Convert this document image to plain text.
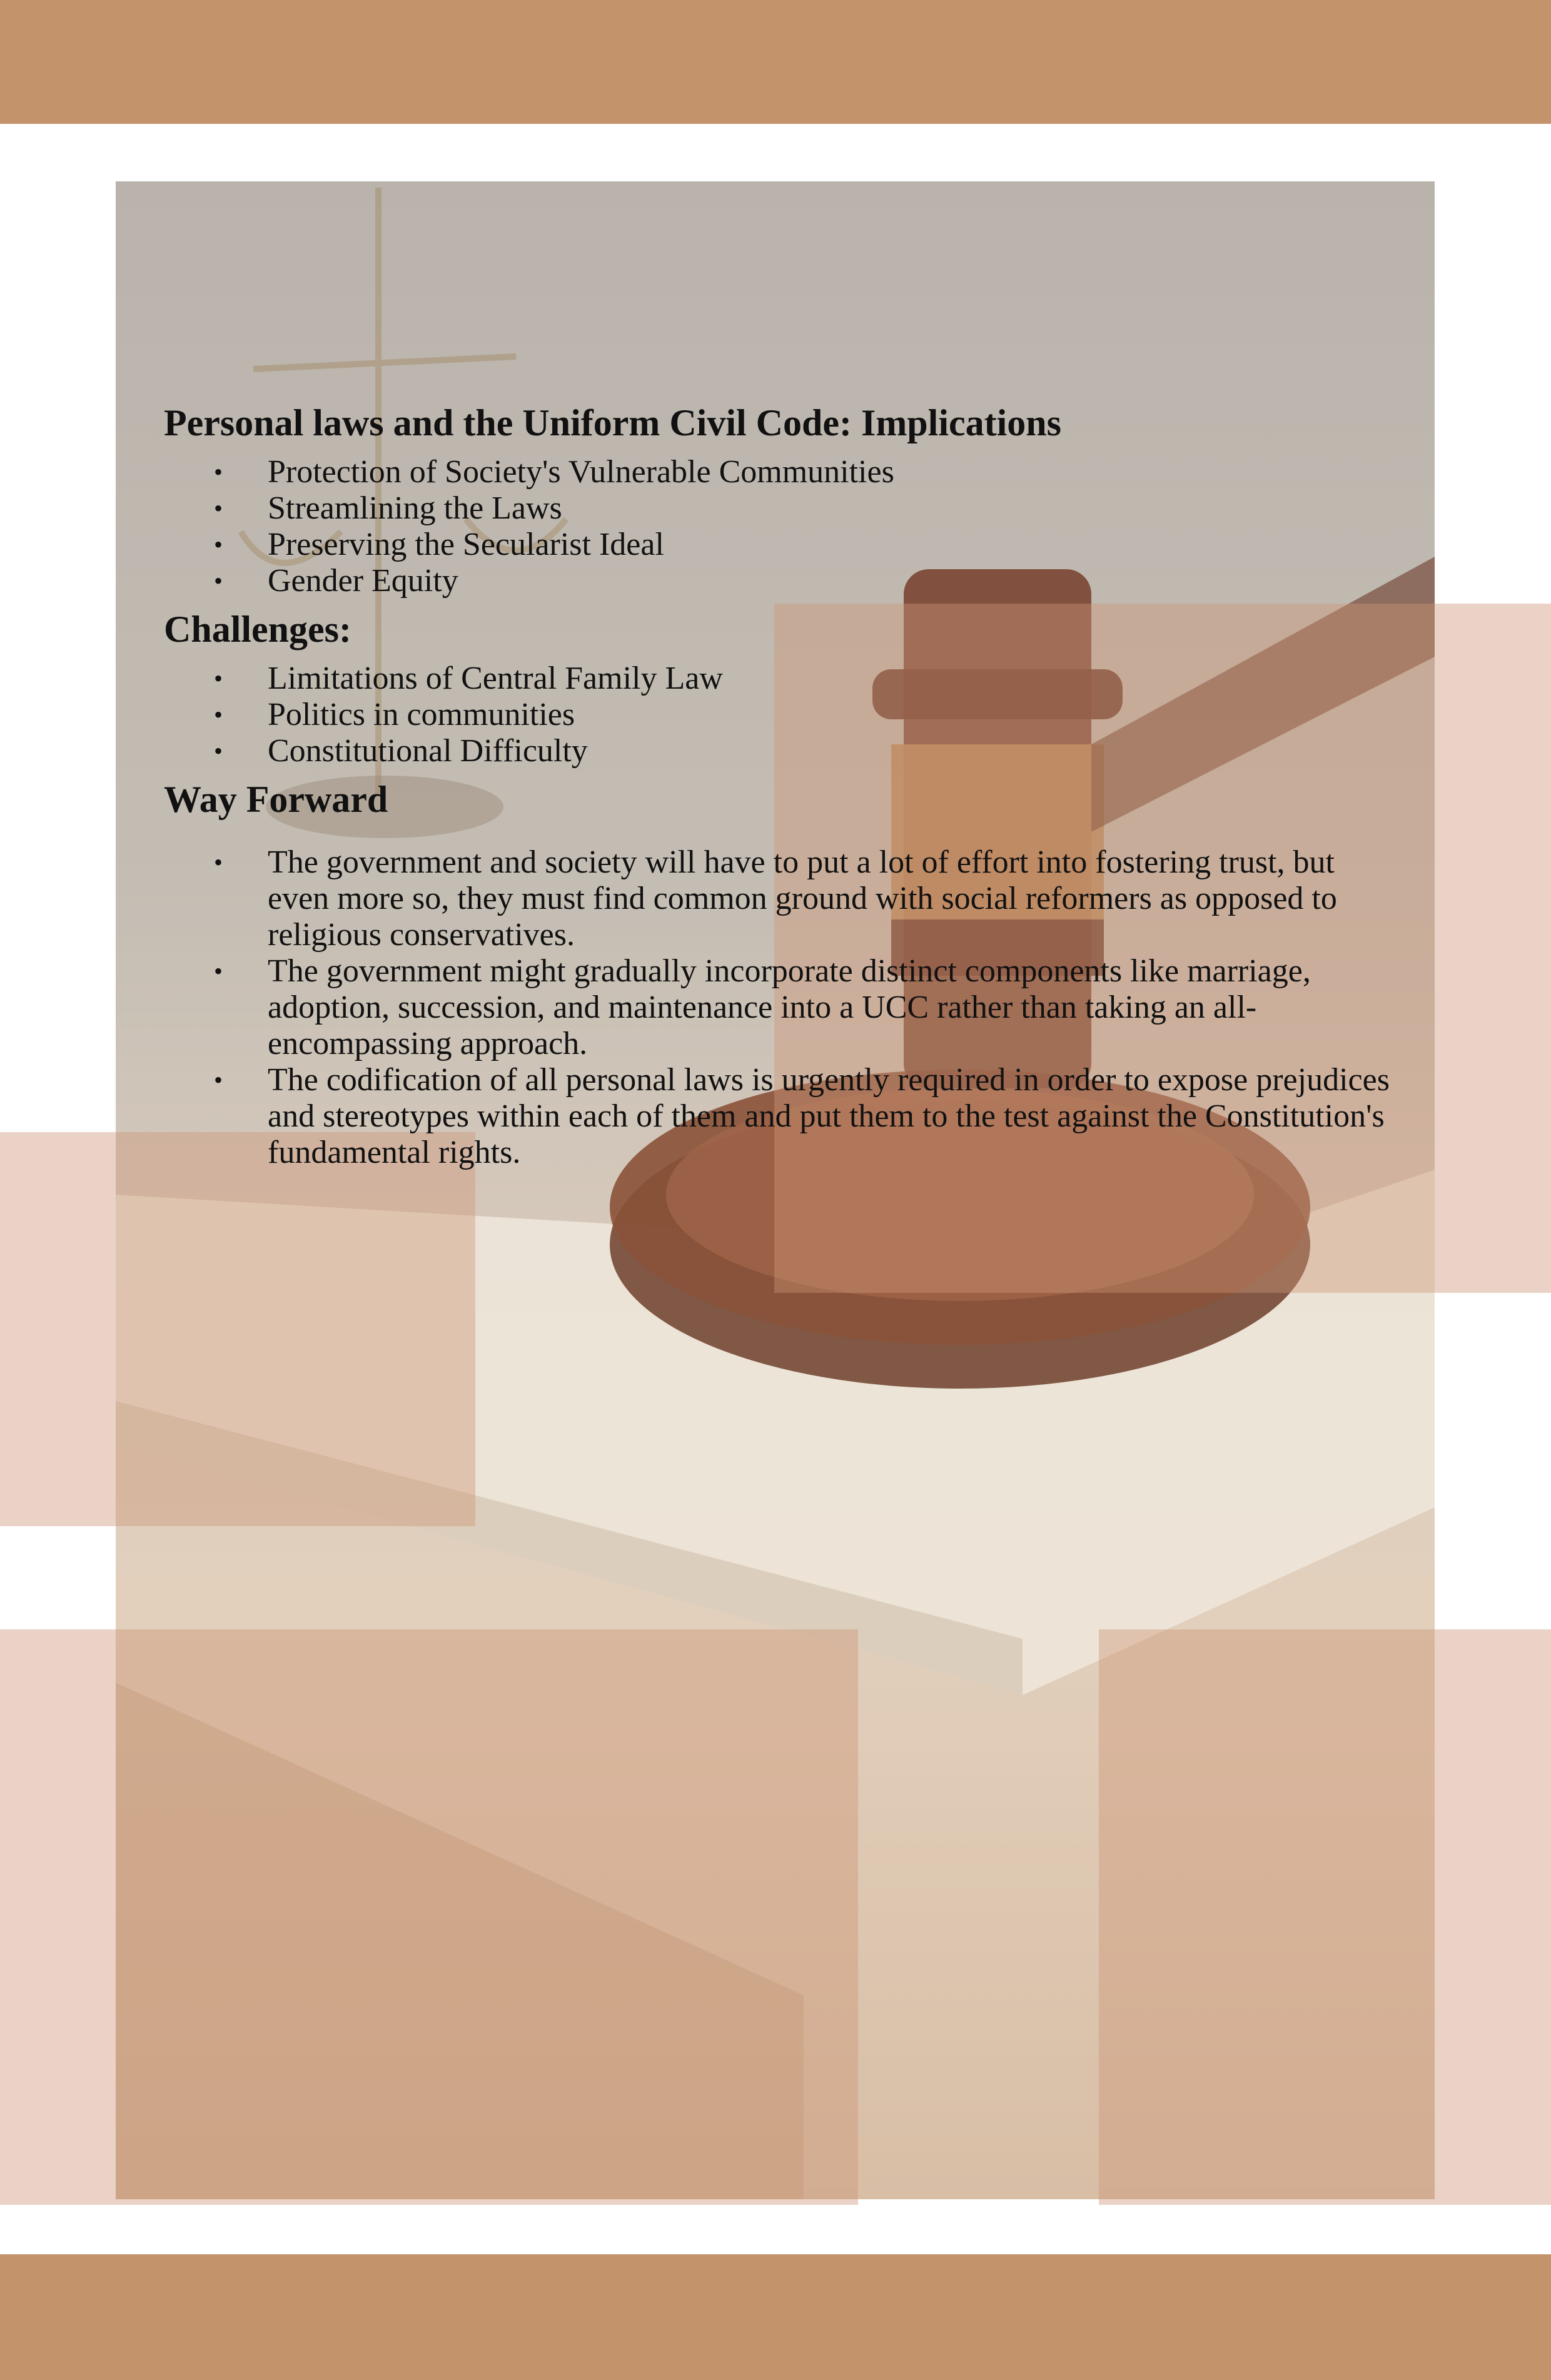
Personal laws and the Uniform Civil Code: Implications
• Protection of Society's Vulnerable Communities
• Streamlining the Laws
• Preserving the Secularist Ideal
• Gender Equity
Challenges:
• Limitations of Central Family Law
• Politics in communities
• Constitutional Difficulty
Way Forward
• The government and society will have to put a lot of effort into fostering trust, but even more so, they must find common ground with social reformers as opposed to religious conservatives.
• The government might gradually incorporate distinct components like marriage, adoption, succession, and maintenance into a UCC rather than taking an all-encompassing approach.
• The codification of all personal laws is urgently required in order to expose prejudices and stereotypes within each of them and put them to the test against the Constitution's fundamental rights.
